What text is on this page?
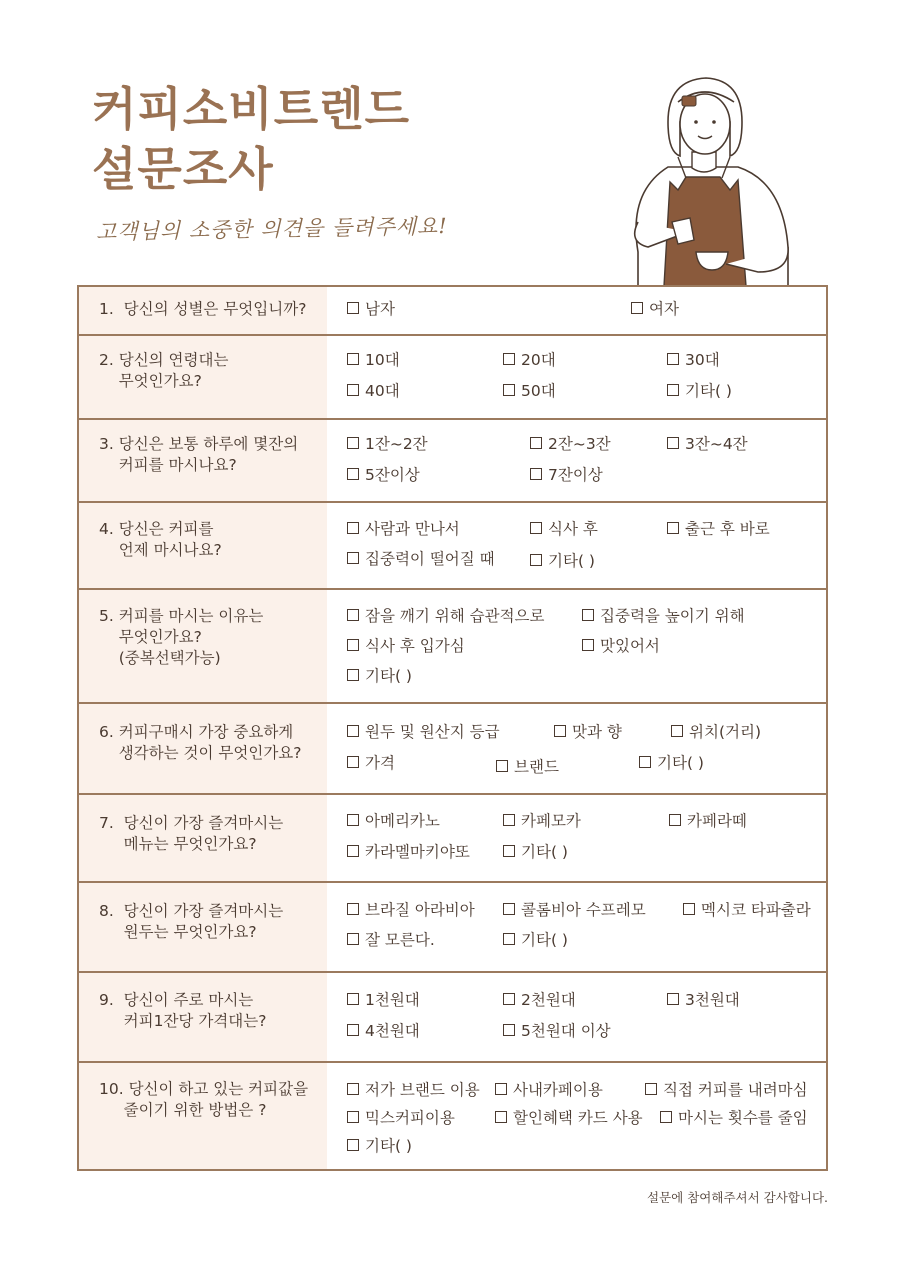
커피소비트렌드
설문조사
고객님의 소중한 의견을 들려주세요!
1.  당신의 성별은 무엇입니까?	남자	여자
2. 당신의 연령대는
무엇인가요?
10대	20대	30대
40대	50대	기타( )
3. 당신은 보통 하루에 몇잔의
커피를 마시나요?
1잔~2잔	2잔~3잔	3잔~4잔
5잔이상	7잔이상
4. 당신은 커피를
언제 마시나요?
사람과 만나서	식사 후	출근 후 바로
집중력이 떨어질 때	기타( )
5. 커피를 마시는 이유는
무엇인가요?
(중복선택가능)
잠을 깨기 위해 습관적으로	집중력을 높이기 위해
식사 후 입가심	맛있어서
기타( )
6. 커피구매시 가장 중요하게
생각하는 것이 무엇인가요?
원두 및 원산지 등급	맛과 향	위치(거리)
가격	브랜드	기타( )
7.  당신이 가장 즐겨마시는
메뉴는 무엇인가요?
아메리카노	카페모카	카페라떼
카라멜마키야또	기타( )
8.  당신이 가장 즐겨마시는
원두는 무엇인가요?
브라질 아라비아	콜롬비아 수프레모	멕시코 타파출라
잘 모른다.	기타( )
9.  당신이 주로 마시는
커피1잔당 가격대는?
1천원대	2천원대	3천원대
4천원대	5천원대 이상
10. 당신이 하고 있는 커피값을
줄이기 위한 방법은 ?
저가 브랜드 이용	사내카페이용	직접 커피를 내려마심
믹스커피이용	할인혜택 카드 사용	마시는 횟수를 줄임
기타( )
설문에 참여해주셔서 감사합니다.
